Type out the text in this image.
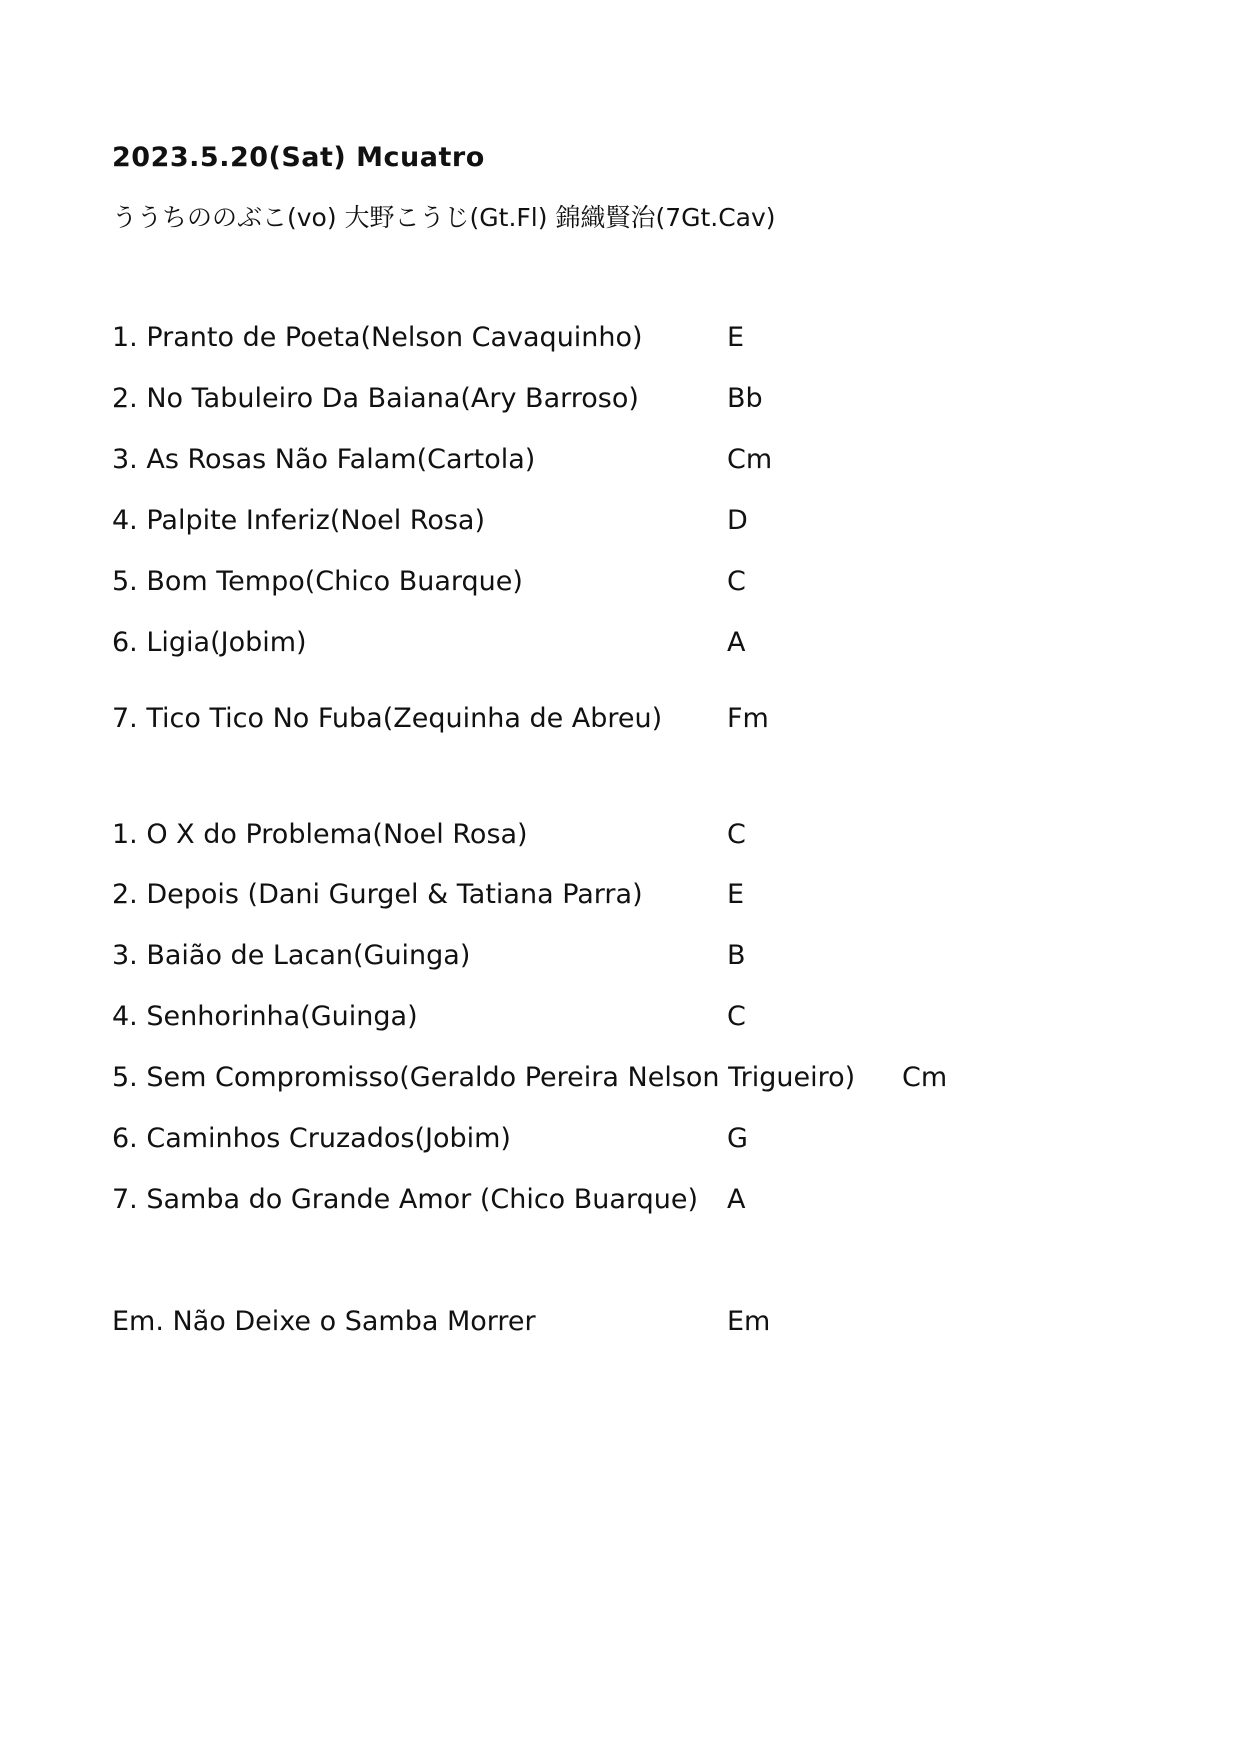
2023.5.20(Sat) Mcuatro
ううちののぶこ(vo) 大野こうじ(Gt.Fl) 錦織賢治(7Gt.Cav)
1. Pranto de Poeta(Nelson Cavaquinho)	E
2. No Tabuleiro Da Baiana(Ary Barroso)	Bb
3. As Rosas Não Falam(Cartola)	Cm
4. Palpite Inferiz(Noel Rosa)	D
5. Bom Tempo(Chico Buarque)	C
6. Ligia(Jobim)	A
7. Tico Tico No Fuba(Zequinha de Abreu) Fm
1. O X do Problema(Noel Rosa)	C
2. Depois (Dani Gurgel & Tatiana Parra)	E
3. Baião de Lacan(Guinga)	B
4. Senhorinha(Guinga)	C
5. Sem Compromisso(Geraldo Pereira Nelson Trigueiro) Cm
6. Caminhos Cruzados(Jobim)	G
7. Samba do Grande Amor (Chico Buarque) A
Em. Não Deixe o Samba Morrer	Em
